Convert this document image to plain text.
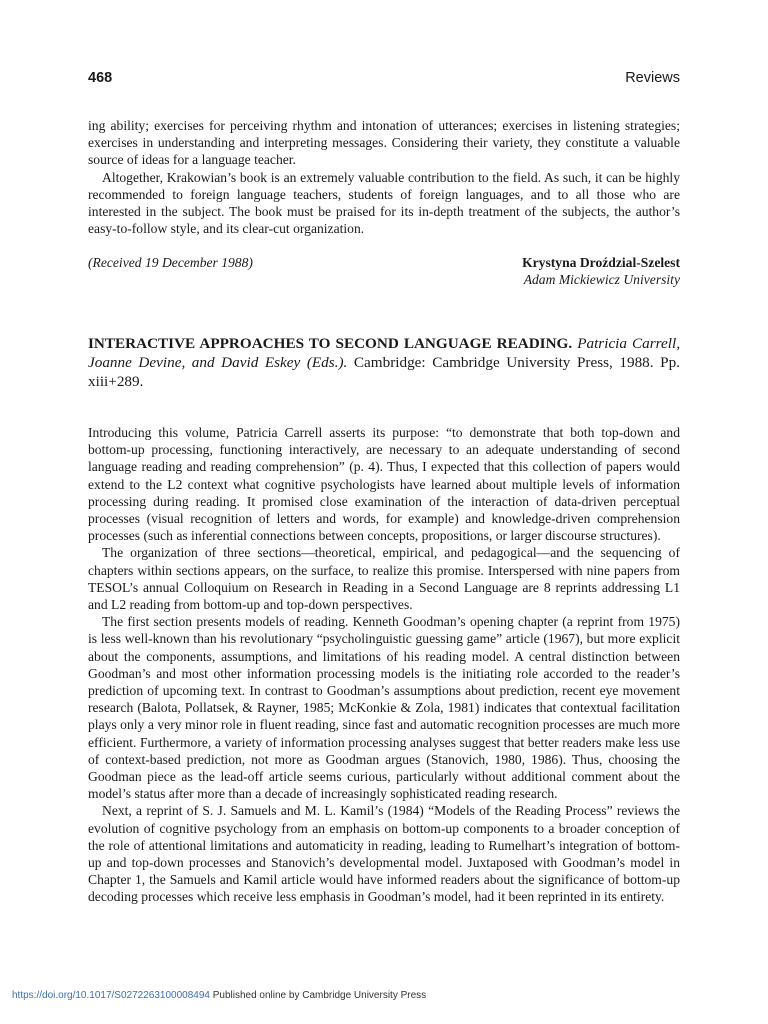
468	Reviews

ing ability; exercises for perceiving rhythm and intonation of utterances; exercises in listening strategies; exercises in understanding and interpreting messages. Considering their variety, they constitute a valuable source of ideas for a language teacher.

Altogether, Krakowian’s book is an extremely valuable contribution to the field. As such, it can be highly recommended to foreign language teachers, students of foreign languages, and to all those who are interested in the subject. The book must be praised for its in-depth treatment of the subjects, the author’s easy-to-follow style, and its clear-cut organization.

(Received 19 December 1988)	Krystyna Droździal-Szelest
Adam Mickiewicz University
INTERACTIVE APPROACHES TO SECOND LANGUAGE READING. Patricia Carrell, Joanne Devine, and David Eskey (Eds.). Cambridge: Cambridge University Press, 1988. Pp. xiii+289.

Introducing this volume, Patricia Carrell asserts its purpose: “to demonstrate that both top-down and bottom-up processing, functioning interactively, are necessary to an adequate understanding of second language reading and reading comprehension” (p. 4). Thus, I expected that this collection of papers would extend to the L2 context what cognitive psychologists have learned about multiple levels of information processing during reading. It promised close examination of the interaction of data-driven perceptual processes (visual recognition of letters and words, for example) and knowledge-driven comprehension processes (such as inferential connections between concepts, propositions, or larger discourse structures).

The organization of three sections—theoretical, empirical, and pedagogical—and the sequencing of chapters within sections appears, on the surface, to realize this promise. Interspersed with nine papers from TESOL’s annual Colloquium on Research in Reading in a Second Language are 8 reprints addressing L1 and L2 reading from bottom-up and top-down perspectives.

The first section presents models of reading. Kenneth Goodman’s opening chapter (a reprint from 1975) is less well-known than his revolutionary “psycholinguistic guessing game” article (1967), but more explicit about the components, assumptions, and limitations of his reading model. A central distinction between Goodman’s and most other information processing models is the initiating role accorded to the reader’s prediction of upcoming text. In contrast to Goodman’s assumptions about prediction, recent eye movement research (Balota, Pollatsek, & Rayner, 1985; McKonkie & Zola, 1981) indicates that contextual facilitation plays only a very minor role in fluent reading, since fast and automatic recognition processes are much more efficient. Furthermore, a variety of information processing analyses suggest that better readers make less use of context-based prediction, not more as Goodman argues (Stanovich, 1980, 1986). Thus, choosing the Goodman piece as the lead-off article seems curious, particularly without additional comment about the model’s status after more than a decade of increasingly sophisticated reading research.

Next, a reprint of S. J. Samuels and M. L. Kamil’s (1984) “Models of the Reading Process” reviews the evolution of cognitive psychology from an emphasis on bottom-up components to a broader conception of the role of attentional limitations and automaticity in reading, leading to Rumelhart’s integration of bottom-up and top-down processes and Stanovich’s developmental model. Juxtaposed with Goodman’s model in Chapter 1, the Samuels and Kamil article would have informed readers about the significance of bottom-up decoding processes which receive less emphasis in Goodman’s model, had it been reprinted in its entirety.

https://doi.org/10.1017/S0272263100008494 Published online by Cambridge University Press
